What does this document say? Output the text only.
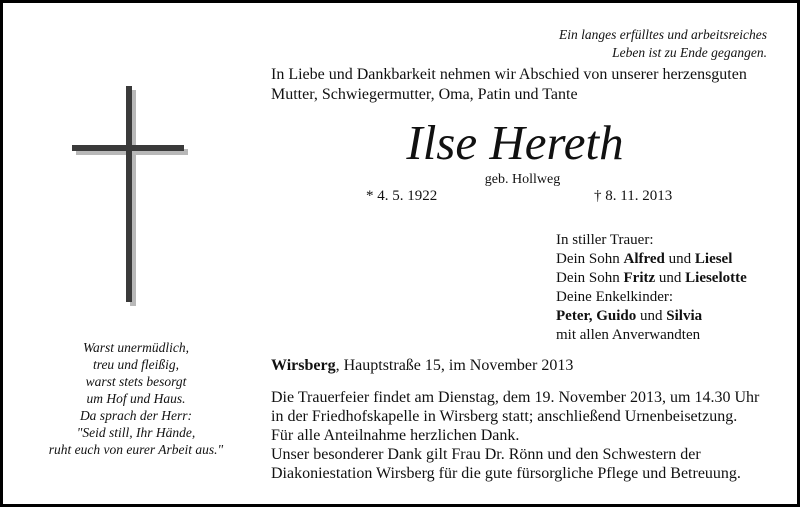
Ein langes erfülltes und arbeitsreiches
Leben ist zu Ende gegangen.
In Liebe und Dankbarkeit nehmen wir Abschied von unserer herzensguten
Mutter, Schwiegermutter, Oma, Patin und Tante
Ilse Hereth
geb. Hollweg
* 4. 5. 1922	† 8. 11. 2013
In stiller Trauer:
Dein Sohn Alfred und Liesel
Dein Sohn Fritz und Lieselotte
Deine Enkelkinder:
Peter, Guido und Silvia
mit allen Anverwandten
Wirsberg, Hauptstraße 15, im November 2013
Die Trauerfeier findet am Dienstag, dem 19. November 2013, um 14.30 Uhr
in der Friedhofskapelle in Wirsberg statt; anschließend Urnenbeisetzung.
Für alle Anteilnahme herzlichen Dank.
Unser besonderer Dank gilt Frau Dr. Rönn und den Schwestern der
Diakoniestation Wirsberg für die gute fürsorgliche Pflege und Betreuung.
Warst unermüdlich,
treu und fleißig,
warst stets besorgt
um Hof und Haus.
Da sprach der Herr:
"Seid still, Ihr Hände,
ruht euch von eurer Arbeit aus."
